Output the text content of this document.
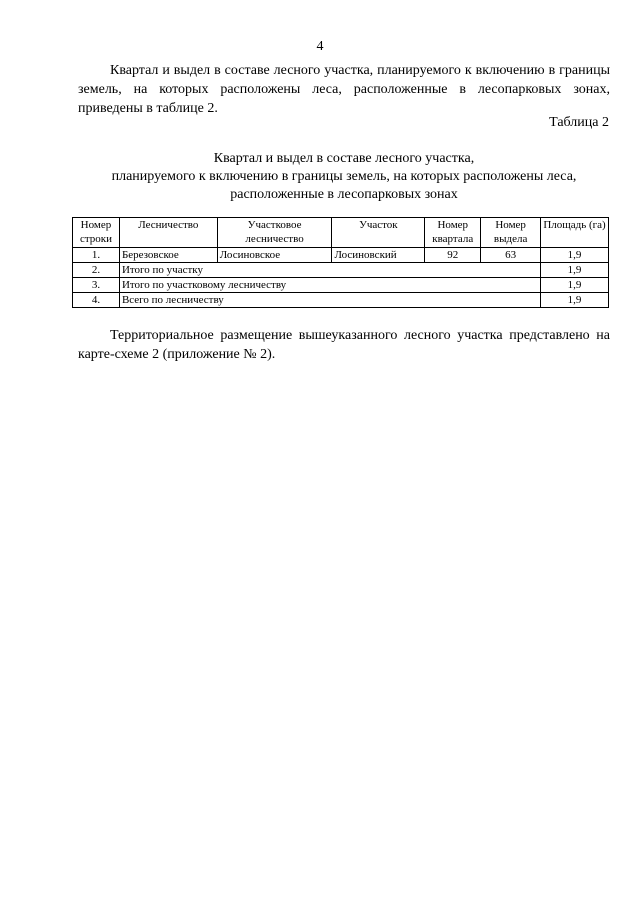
4

Квартал и выдел в составе лесного участка, планируемого к включению в границы земель, на которых расположены леса, расположенные в лесопарковых зонах, приведены в таблице 2.

Таблица 2
Квартал и выдел в составе лесного участка,
планируемого к включению в границы земель, на которых расположены леса,
расположенные в лесопарковых зонах
Номер строки	Лесничество	Участковое лесничество	Участок	Номер квартала	Номер выдела	Площадь (га)
1.	Березовское	Лосиновское	Лосиновский	92	63	1,9
2.	Итого по участку					1,9
3.	Итого по участковому лесничеству					1,9
4.	Всего по лесничеству					1,9

Территориальное размещение вышеуказанного лесного участка представлено на карте-схеме 2 (приложение № 2).
